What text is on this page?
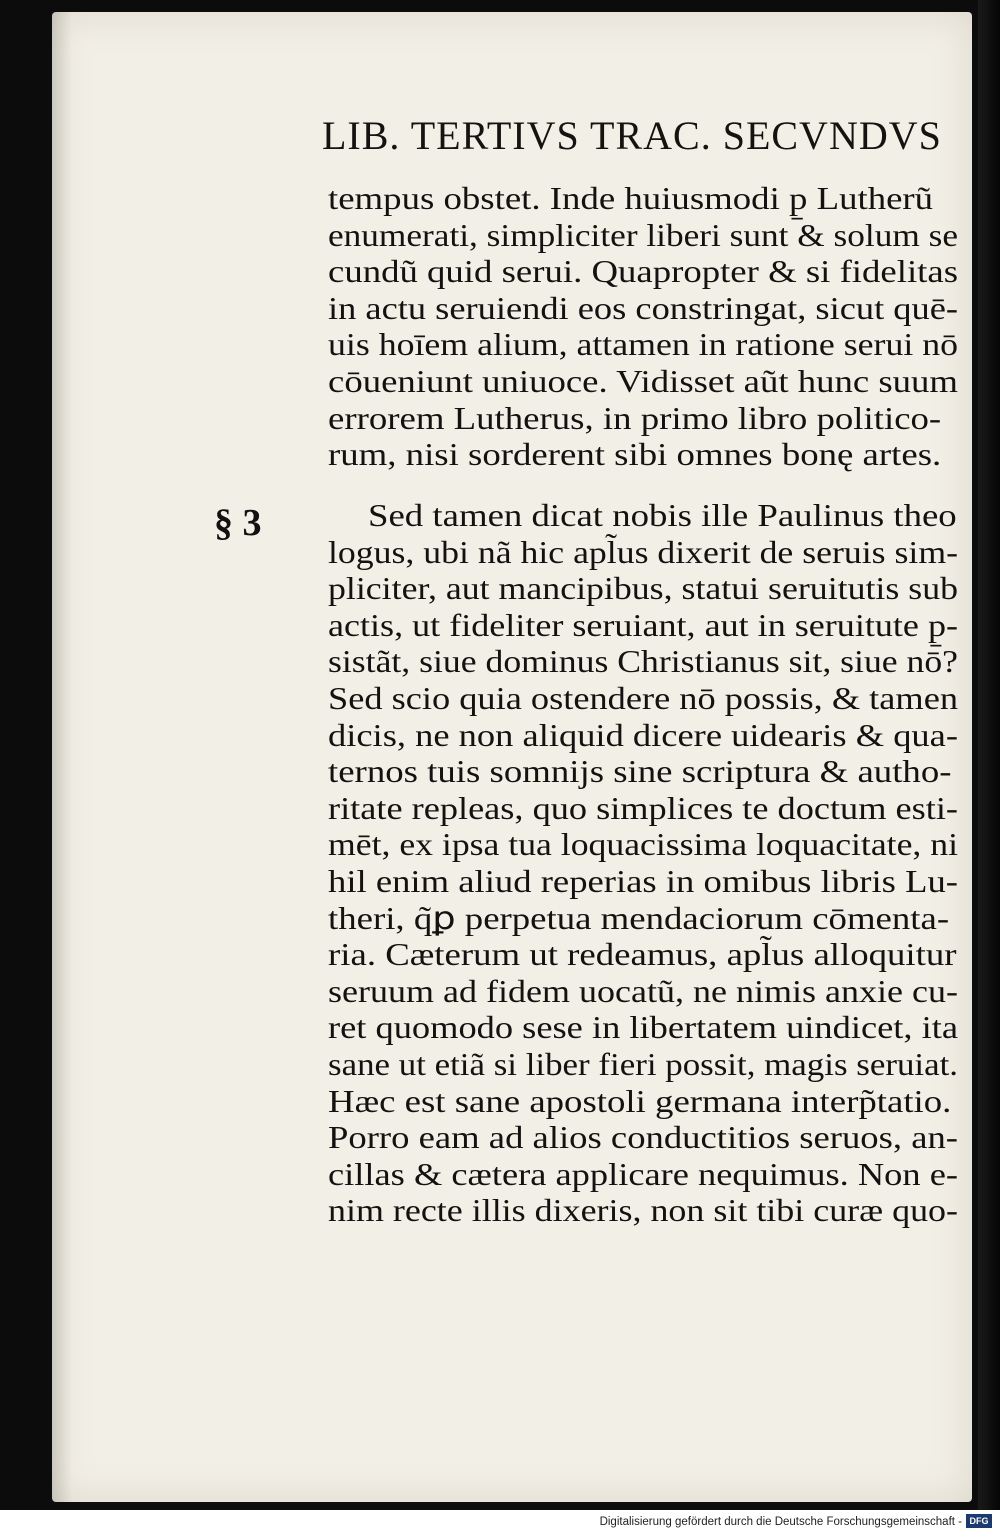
LIB. TERTIVS TRAC. SECVNDVS
tempus obstet. Inde huiusmodi p̱ Lutherũ
enumerati, simpliciter liberi sunt & solum se
cundũ quid serui. Quapropter & si fidelitas
in actu seruiendi eos constringat, sicut quē-
uis hoīem alium, attamen in ratione serui nō
cōueniunt uniuoce. Vidisset aũt hunc suum
errorem Lutherus, in primo libro politico-
rum, nisi sorderent sibi omnes bonę artes.
§ 3	Sed tamen dicat nobis ille Paulinus theo
logus, ubi nã hic apl̃us dixerit de seruis sim-
pliciter, aut mancipibus, statui seruitutis sub
actis, ut fideliter seruiant, aut in seruitute p̱-
sistãt, siue dominus Christianus sit, siue nō?
Sed scio quia ostendere nō possis, & tamen
dicis, ne non aliquid dicere uidearis & qua-
ternos tuis somnijs sine scriptura & autho-
ritate repleas, quo simplices te doctum esti-
mēt, ex ipsa tua loquacissima loquacitate, ni
hil enim aliud reperias in omibus libris Lu-
theri, q̃ꝑ perpetua mendaciorum cōmenta-
ria. Cæterum ut redeamus, apl̃us alloquitur
seruum ad fidem uocatũ, ne nimis anxie cu-
ret quomodo sese in libertatem uindicet, ita
sane ut etiã si liber fieri possit, magis seruiat.
Hæc est sane apostoli germana interp̃tatio.
Porro eam ad alios conductitios seruos, an-
cillas & cætera applicare nequimus. Non e-
nim recte illis dixeris, non sit tibi curæ quo-
Digitalisierung gefördert durch die Deutsche Forschungsgemeinschaft - DFG
